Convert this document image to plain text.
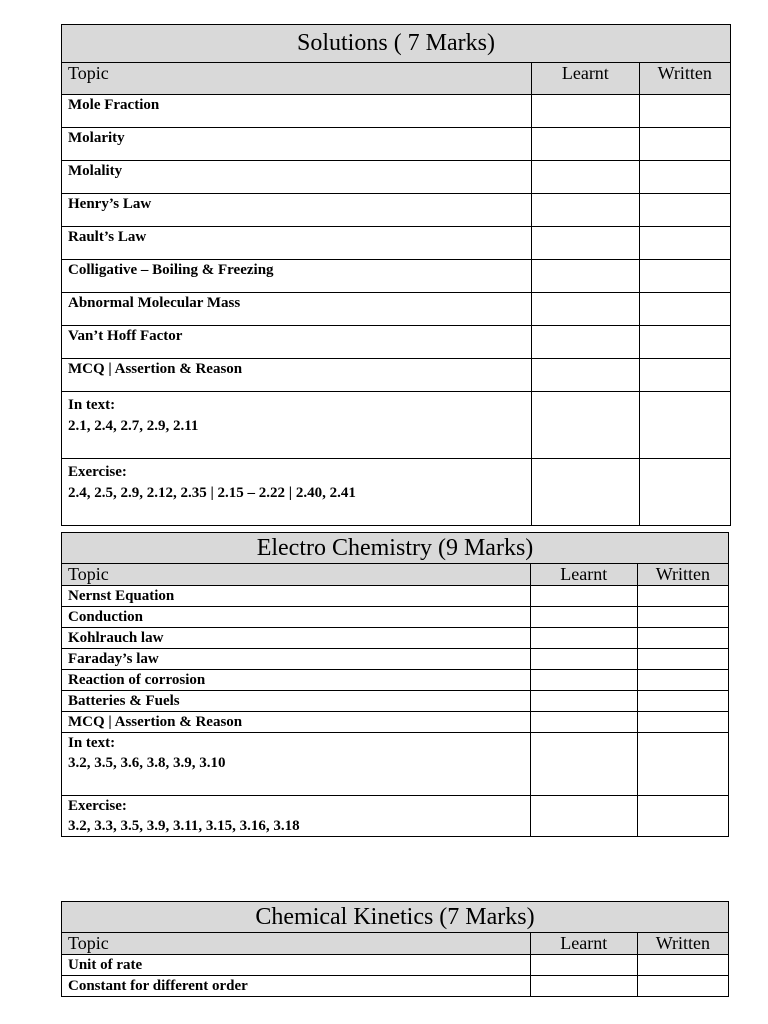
Solutions ( 7 Marks)		
Topic	Learnt	Written
Mole Fraction		
Molarity		
Molality		
Henry’s Law		
Rault’s Law		
Colligative – Boiling & Freezing		
Abnormal Molecular Mass		
Van’t Hoff Factor		
MCQ | Assertion & Reason		

In text:
2.1, 2.4, 2.7, 2.9, 2.11		

Exercise:
2.4, 2.5, 2.9, 2.12, 2.35 | 2.15 – 2.22 | 2.40, 2.41		

Electro Chemistry (9 Marks)		
Topic	Learnt	Written
Nernst Equation		
Conduction		
Kohlrauch law		
Faraday’s law		
Reaction of corrosion		
Batteries & Fuels		
MCQ | Assertion & Reason		

In text:
3.2, 3.5, 3.6, 3.8, 3.9, 3.10		

Exercise:
3.2, 3.3, 3.5, 3.9, 3.11, 3.15, 3.16, 3.18		

Chemical Kinetics (7 Marks)		
Topic	Learnt	Written
Unit of rate		
Constant for different order		
